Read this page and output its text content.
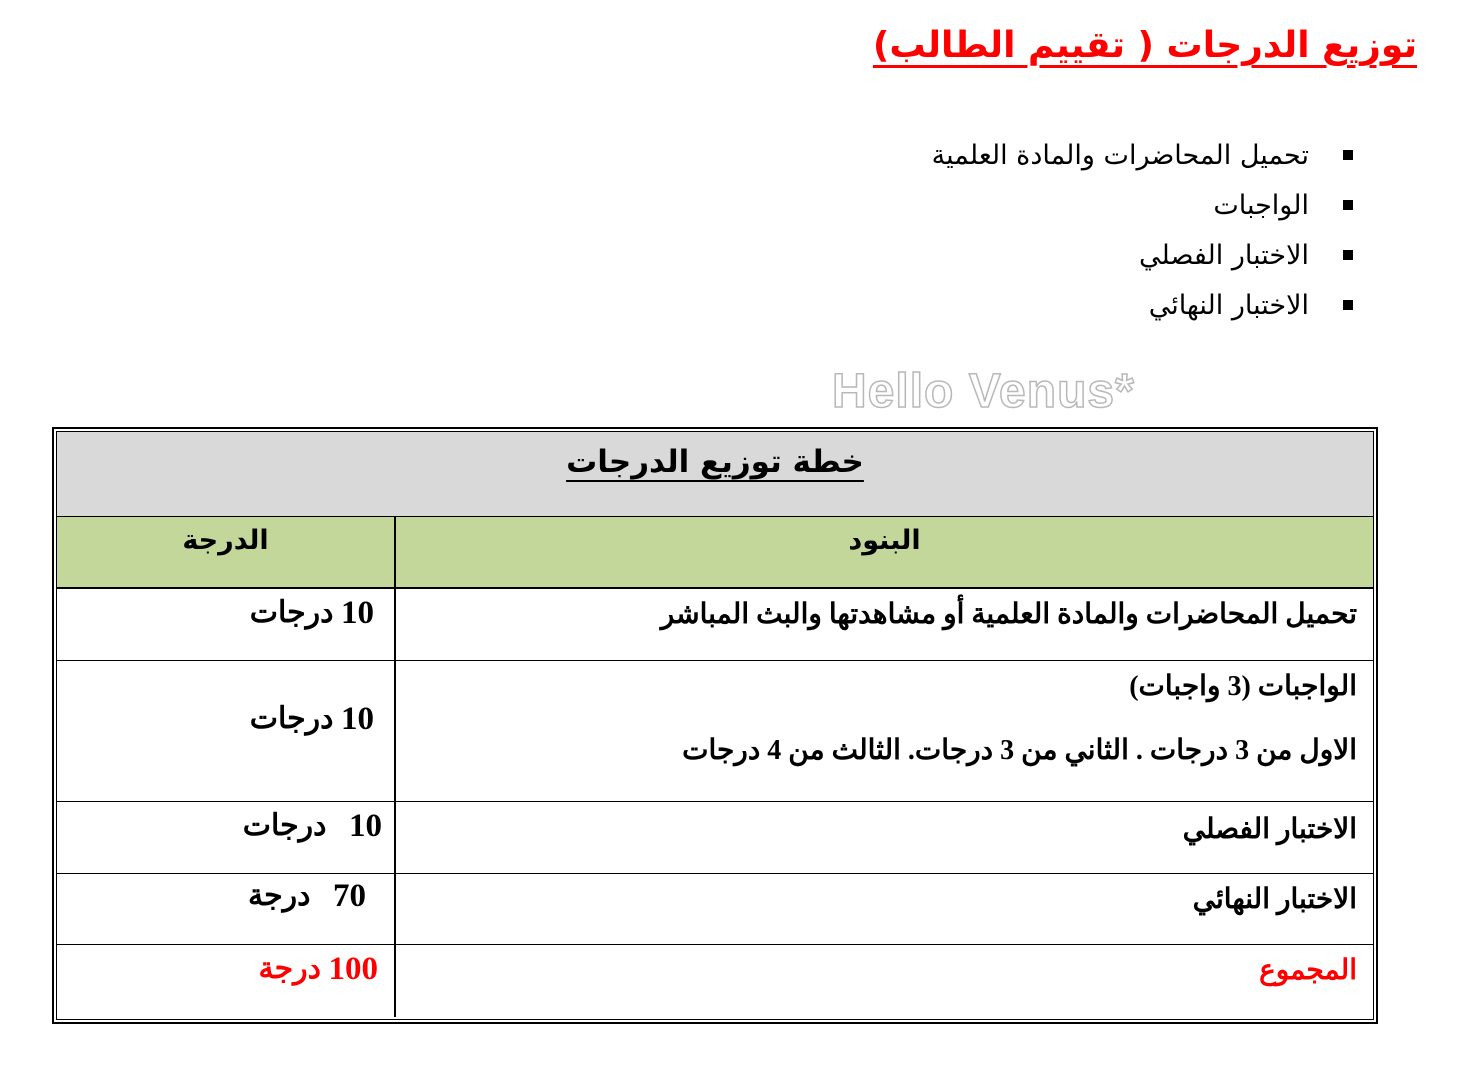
توزيع الدرجات ( تقييم الطالب)
تحميل المحاضرات والمادة العلمية
الواجبات
الاختبار الفصلي
الاختبار النهائي
Hello Venus*
خطة توزيع الدرجات
البنود
الدرجة
تحميل المحاضرات والمادة العلمية أو مشاهدتها والبث المباشر
10

درجات
الواجبات (3 واجبات)
الاول من 3 درجات . الثاني من 3 درجات. الثالث من 4 درجات
10

درجات
الاختبار الفصلي
10

درجات
الاختبار النهائي
70

درجة
المجموع
100

درجة
